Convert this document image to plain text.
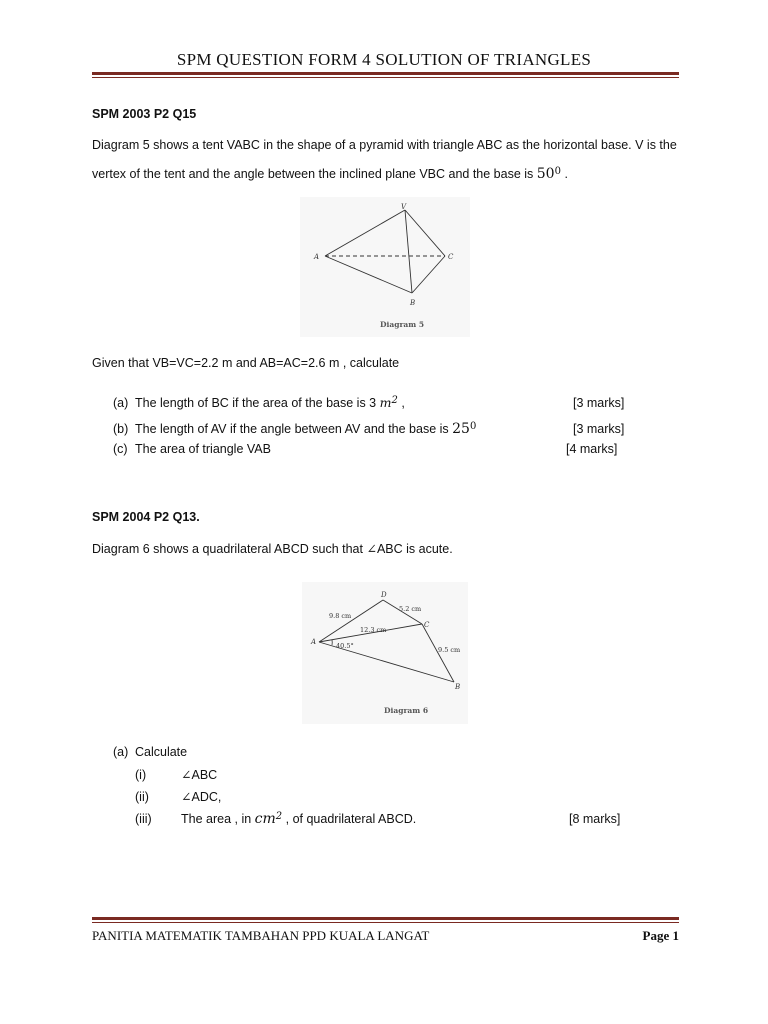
SPM QUESTION FORM 4 SOLUTION OF TRIANGLES
SPM 2003 P2 Q15
Diagram 5 shows a tent VABC in the shape of a pyramid with triangle ABC as the horizontal base. V is the
vertex of the tent and the angle between the inclined plane VBC and the base is $50^0$ .
V
A	C
B
Diagram 5
Given that VB=VC=2.2 m and AB=AC=2.6 m , calculate
(a) The length of BC if the area of the base is 3 $m^2$ ,	[3 marks]
(b) The length of AV if the angle between AV and the base is $25^0$	[3 marks]
(c) The area of triangle VAB	[4 marks]
SPM 2004 P2 Q13.
Diagram 6 shows a quadrilateral ABCD such that ∠ABC is acute.
D
A
C
B
9.8 cm
5.2 cm
12.3 cm
9.5 cm
40.5°
Diagram 6
(a) Calculate
(i)	∠ABC
(ii)	∠ADC,
(iii) The area , in $cm^2$ , of quadrilateral ABCD.	[8 marks]
PANITIA MATEMATIK TAMBAHAN PPD KUALA LANGAT	Page 1
